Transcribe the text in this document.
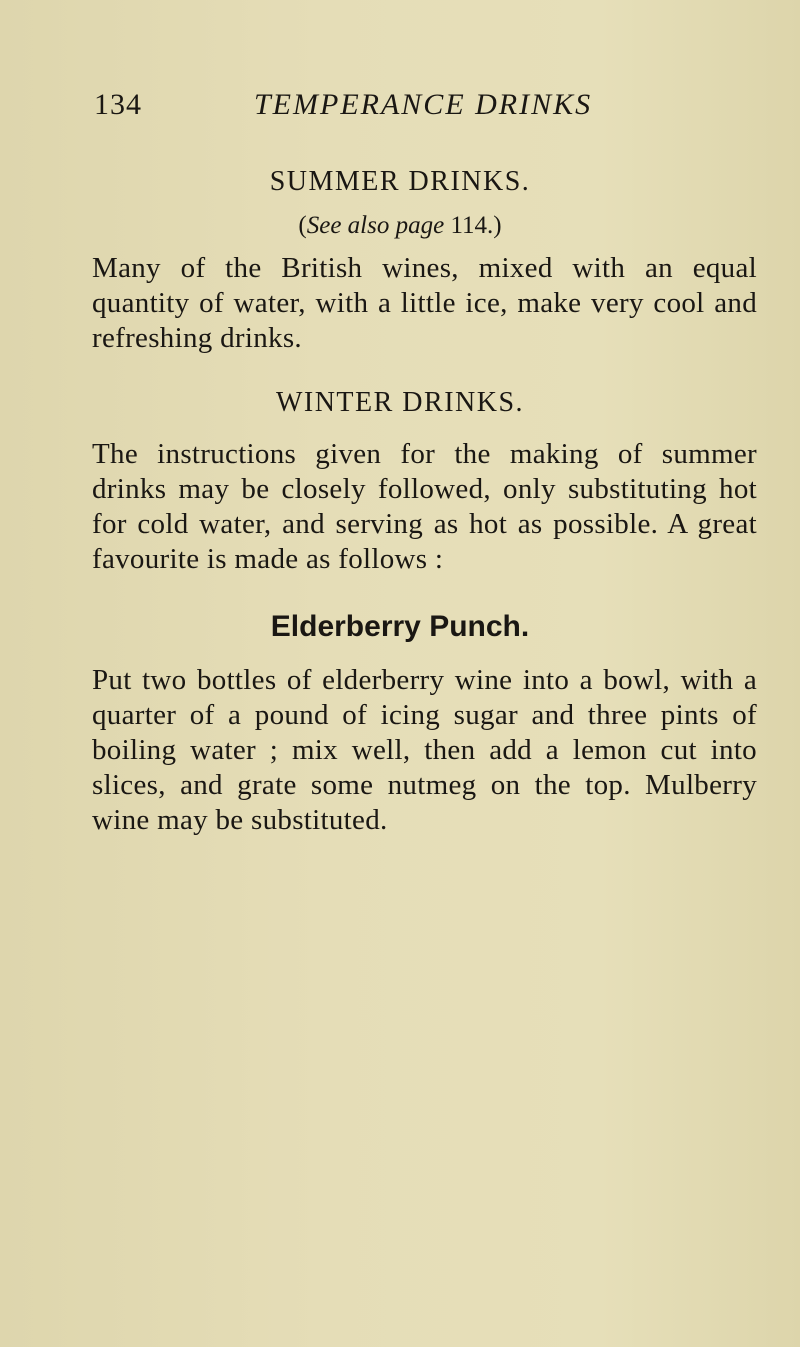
134	TEMPERANCE DRINKS
SUMMER DRINKS.
(See also page 114.)

Many of the British wines, mixed with an equal quantity of water, with a little ice, make very cool and refreshing drinks.

WINTER DRINKS.

The instructions given for the making of summer drinks may be closely followed, only substituting hot for cold water, and serving as hot as possible. A great favourite is made as follows :

Elderberry Punch.

Put two bottles of elderberry wine into a bowl, with a quarter of a pound of icing sugar and three pints of boiling water ; mix well, then add a lemon cut into slices, and grate some nutmeg on the top. Mulberry wine may be substituted.
